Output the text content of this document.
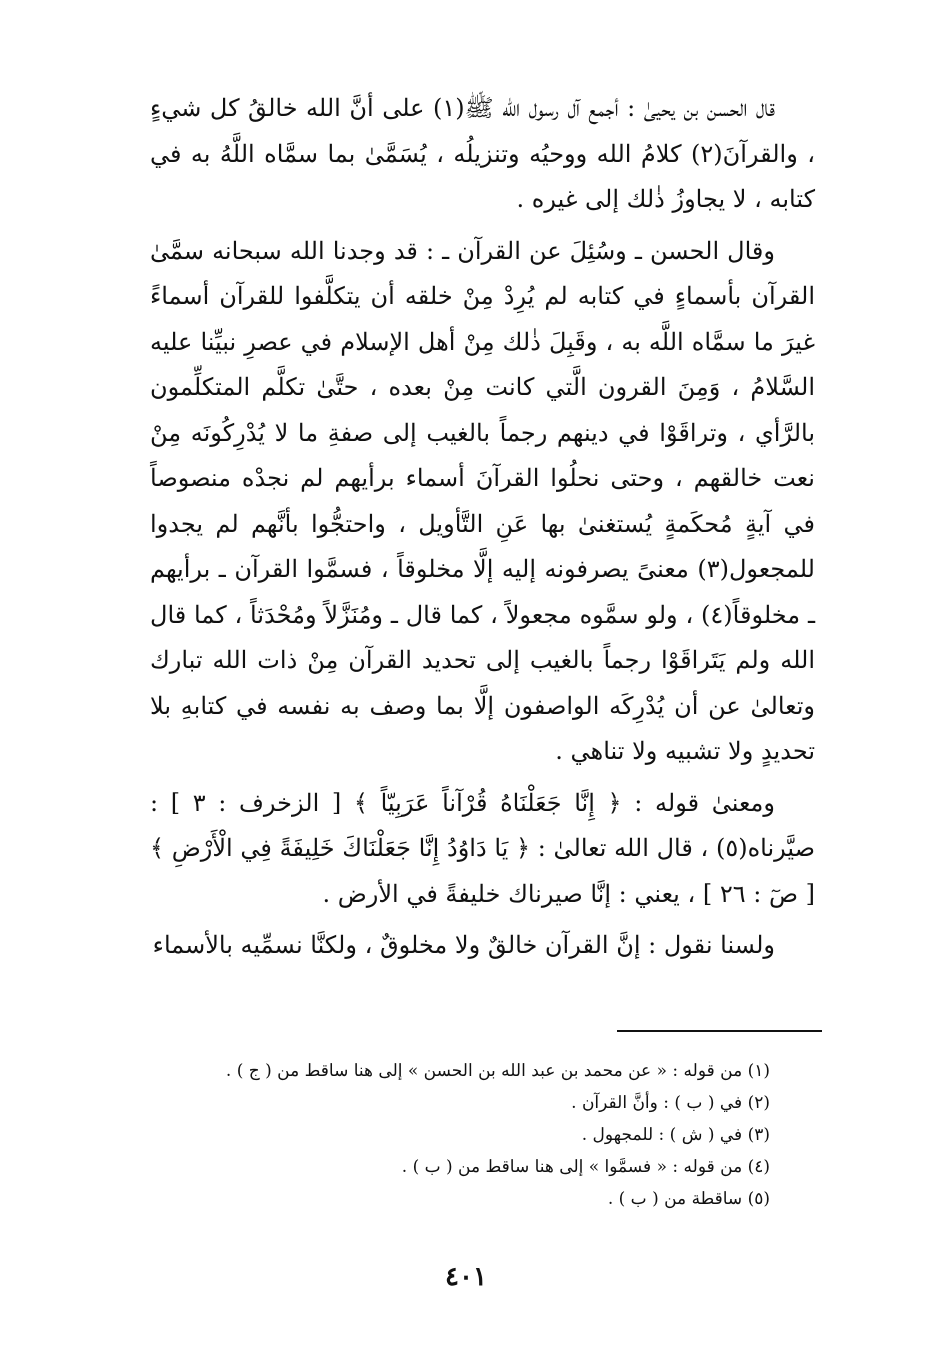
قال الحسن بن يحيىٰ : أجمع آل رسول الله ﷺ(١) على أنَّ الله خالقُ كل شيءٍ ، والقرآنَ(٢) كلامُ الله ووحيُه وتنزيلُه ، يُسَمَّىٰ بما سمَّاه اللَّهُ به في كتابه ، لا يجاوزُ ذٰلك إلى غيره .

وقال الحسن ـ وسُئِلَ عن القرآن ـ : قد وجدنا الله سبحانه سمَّىٰ القرآن بأسماءٍ في كتابه لم يُرِدْ مِنْ خلقه أن يتكلَّفوا للقرآن أسماءً غيرَ ما سمَّاه اللَّه به ، وقَبِلَ ذٰلك مِنْ أهل الإسلام في عصرِ نبيِّنا عليه السَّلامُ ، وَمِنَ القرون الَّتي كانت مِنْ بعده ، حتَّىٰ تكلَّم المتكلِّمون بالرَّأي ، وتراقَوْا في دينهم رجماً بالغيب إلى صفةِ ما لا يُدْرِكُونَه مِنْ نعت خالقهم ، وحتى نحلُوا القرآنَ أسماء برأيهم لم نجدْه منصوصاً في آيةٍ مُحكَمةٍ يُستغنىٰ بها عَنِ التَّأويل ، واحتجُّوا بأنَّهم لم يجدوا للمجعول(٣) معنىً يصرفونه إليه إلَّا مخلوقاً ، فسمَّوا القرآن ـ برأيهم ـ مخلوقاً(٤) ، ولو سمَّوه مجعولاً ، كما قال ـ ومُنَزَّلاً ومُحْدَثاً ، كما قال الله ولم يَتَراقَوْا رجماً بالغيب إلى تحديد القرآن مِنْ ذات الله تبارك وتعالىٰ عن أن يُدْرِكَه الواصفون إلَّا بما وصف به نفسه في كتابهِ بلا تحديدٍ ولا تشبيه ولا تناهي .

ومعنىٰ قوله : ﴿ إِنَّا جَعَلْنَاهُ قُرْآناً عَرَبِيّاً ﴾ [ الزخرف : ٣ ] : صيَّرناه(٥) ، قال الله تعالىٰ : ﴿ يَا دَاوُدُ إِنَّا جَعَلْنَاكَ خَلِيفَةً فِي الْأَرْضِ ﴾ [ صٓ : ٢٦ ] ، يعني : إنَّا صيرناك خليفةً في الأرض .

ولسنا نقول : إنَّ القرآن خالقٌ ولا مخلوقٌ ، ولكنَّا نسمِّيه بالأسماء

(١) من قوله : « عن محمد بن عبد الله بن الحسن » إلى هنا ساقط من ( ج ) .
(٢) في ( ب ) : وأنَّ القرآن .
(٣) في ( ش ) : للمجهول .
(٤) من قوله : « فسمَّوا » إلى هنا ساقط من ( ب ) .
(٥) ساقطة من ( ب ) .
٤٠١
